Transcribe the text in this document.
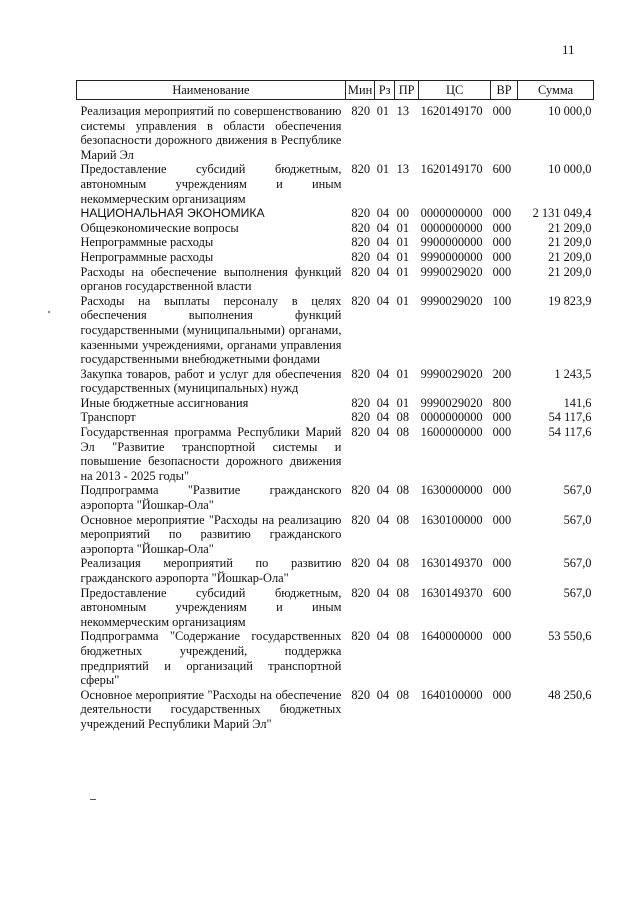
11
Наименование	Мин	Рз	ПР	ЦС	ВР	Сумма
Реализация мероприятий по совершенствованию системы управления в области обеспечения безопасности дорожного движения в Республике Марий Эл	820	01	13	1620149170	000	10 000,0
Предоставление субсидий бюджетным, автономным учреждениям и иным некоммерческим организациям	820	01	13	1620149170	600	10 000,0
НАЦИОНАЛЬНАЯ ЭКОНОМИКА	820	04	00	0000000000	000	2 131 049,4
Общеэкономические вопросы	820	04	01	0000000000	000	21 209,0
Непрограммные расходы	820	04	01	9900000000	000	21 209,0
Непрограммные расходы	820	04	01	9990000000	000	21 209,0
Расходы на обеспечение выполнения функций органов государственной власти	820	04	01	9990029020	000	21 209,0
Расходы на выплаты персоналу в целях обеспечения выполнения функций государственными (муниципальными) органами, казенными учреждениями, органами управления государственными внебюджетными фондами	820	04	01	9990029020	100	19 823,9
Закупка товаров, работ и услуг для обеспечения государственных (муниципальных) нужд	820	04	01	9990029020	200	1 243,5
Иные бюджетные ассигнования	820	04	01	9990029020	800	141,6
Транспорт	820	04	08	0000000000	000	54 117,6
Государственная программа Республики Марий Эл "Развитие транспортной системы и повышение безопасности дорожного движения на 2013 - 2025 годы"	820	04	08	1600000000	000	54 117,6
Подпрограмма "Развитие гражданского аэропорта "Йошкар-Ола"	820	04	08	1630000000	000	567,0
Основное мероприятие "Расходы на реализацию мероприятий по развитию гражданского аэропорта "Йошкар-Ола"	820	04	08	1630100000	000	567,0
Реализация мероприятий по развитию гражданского аэропорта "Йошкар-Ола"	820	04	08	1630149370	000	567,0
Предоставление субсидий бюджетным, автономным учреждениям и иным некоммерческим организациям	820	04	08	1630149370	600	567,0
Подпрограмма "Содержание государственных бюджетных учреждений, поддержка предприятий и организаций транспортной сферы"	820	04	08	1640000000	000	53 550,6
Основное мероприятие "Расходы на обеспечение деятельности государственных бюджетных учреждений Республики Марий Эл"	820	04	08	1640100000	000	48 250,6
